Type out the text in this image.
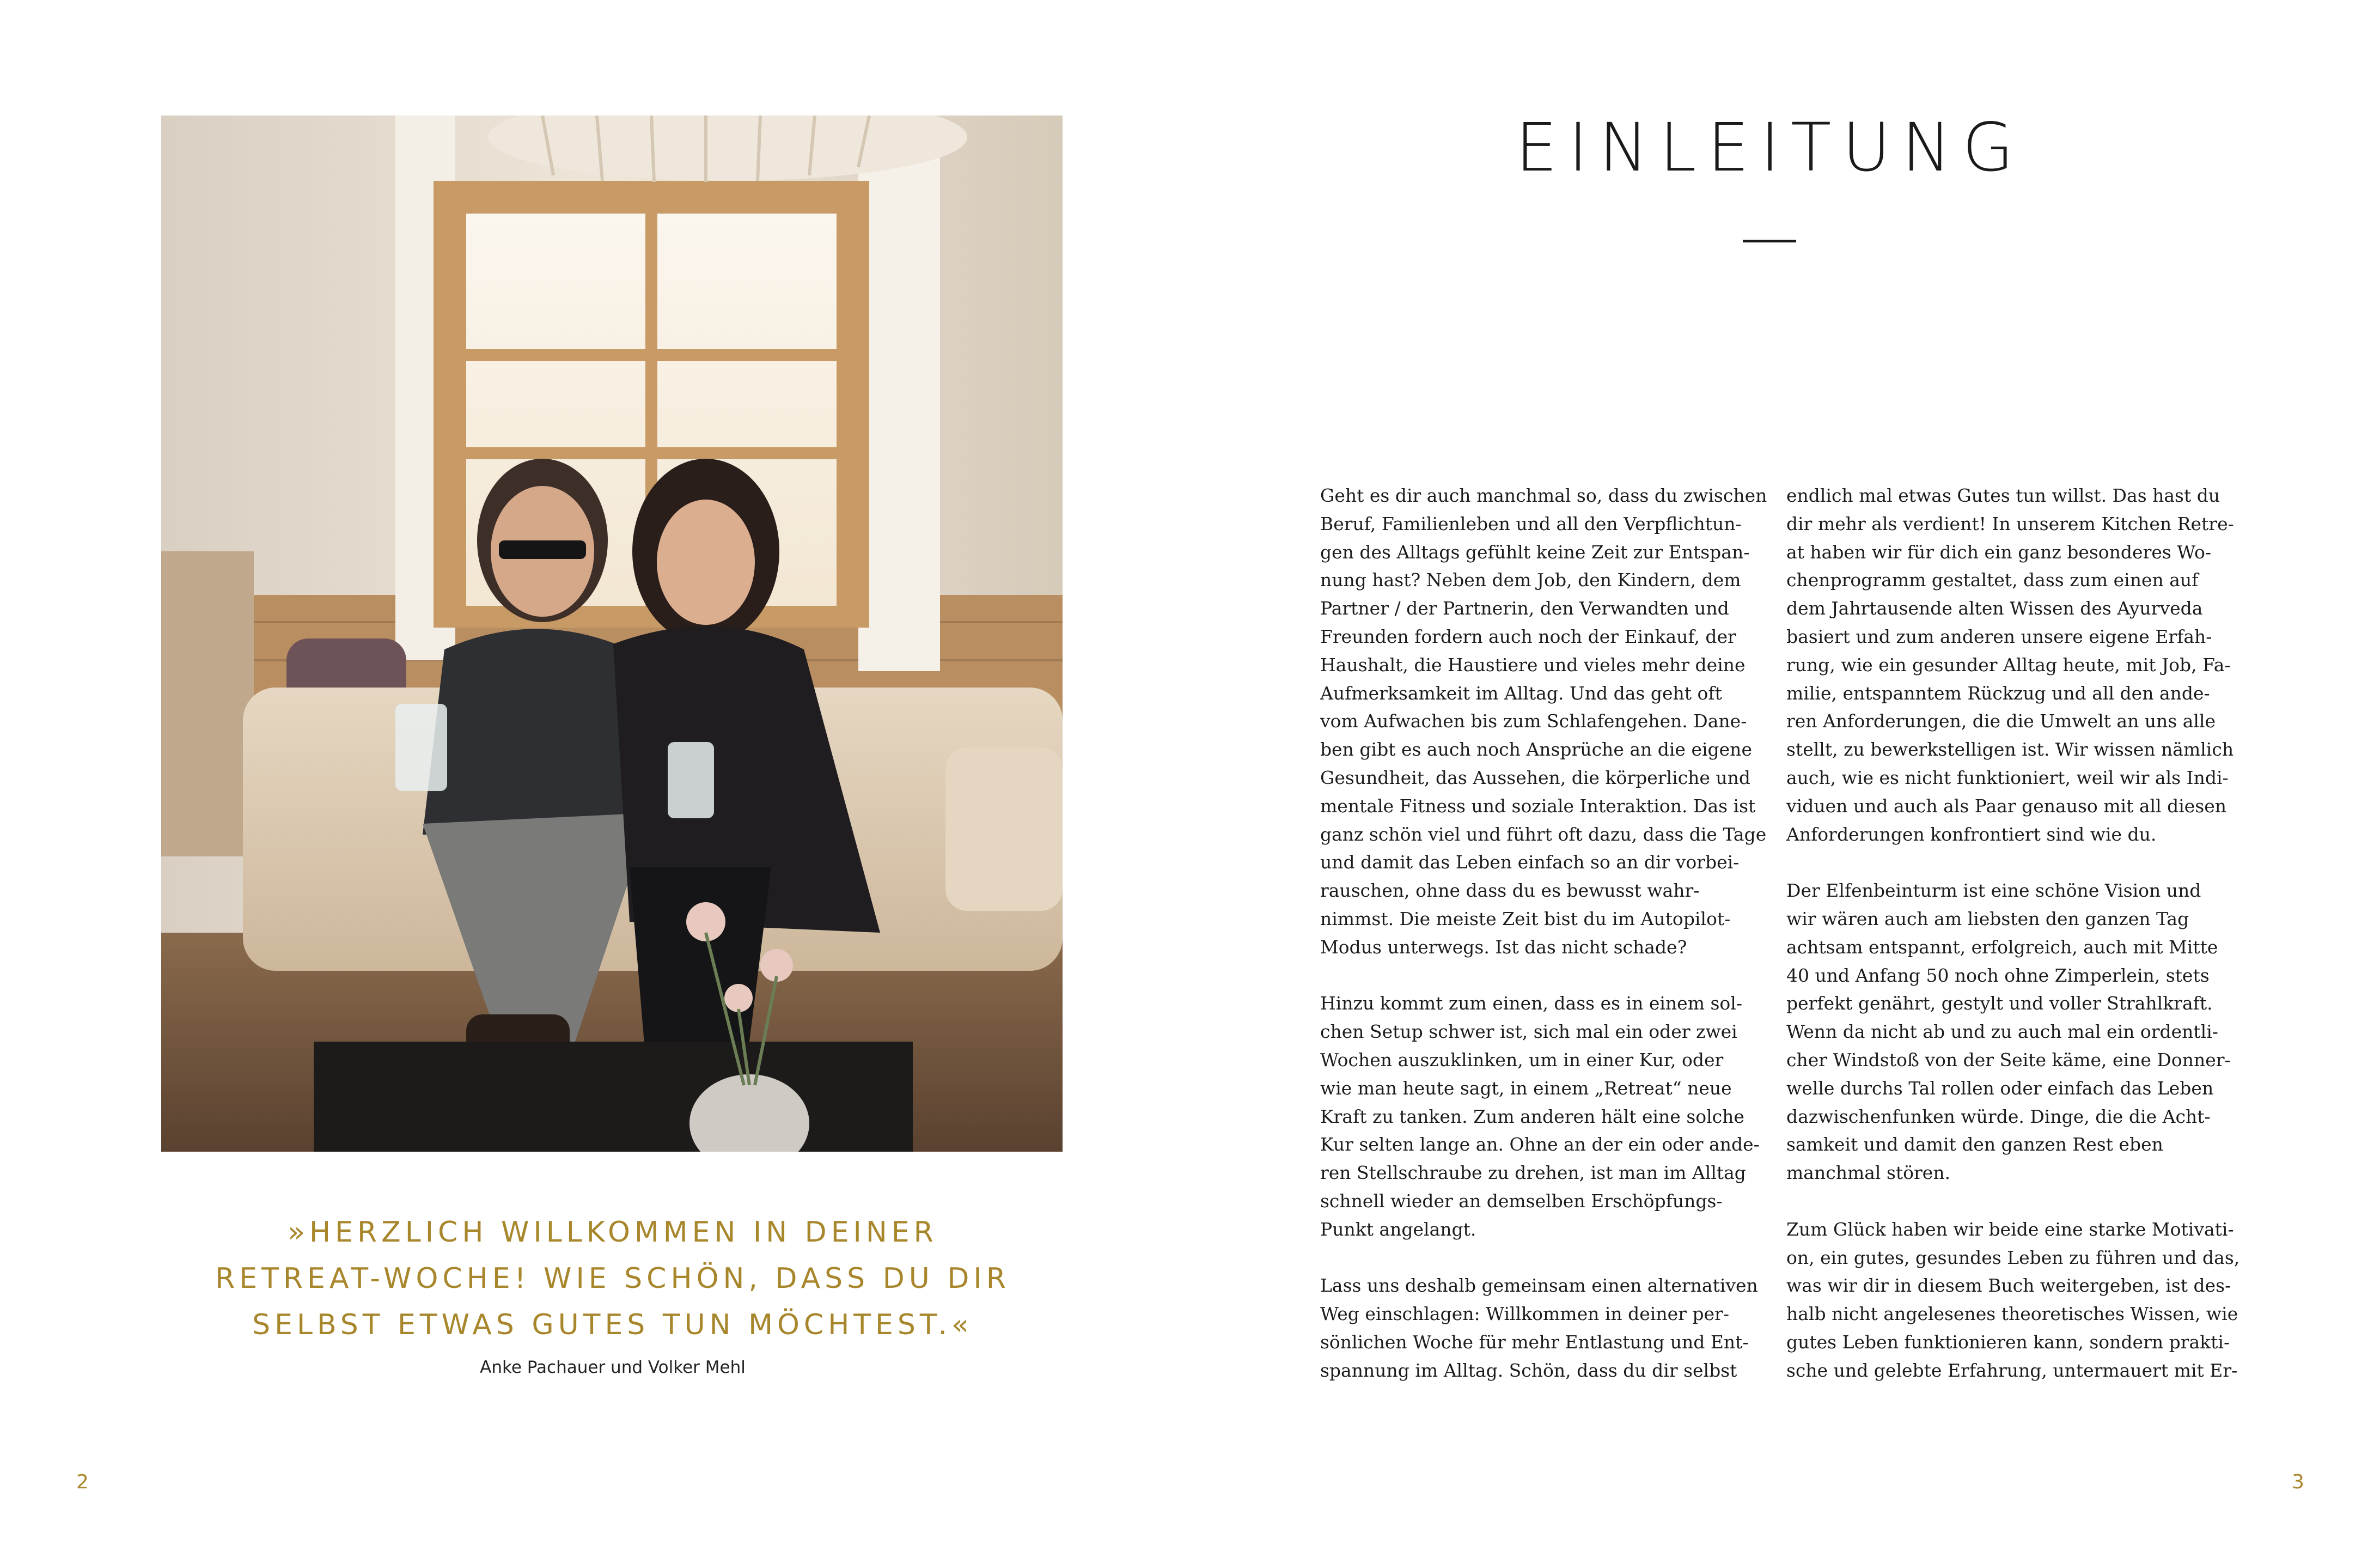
»HERZLICH WILLKOMMEN IN DEINER
RETREAT-WOCHE! WIE SCHÖN, DASS DU DIR
SELBST ETWAS GUTES TUN MÖCHTEST.«
Anke Pachauer und Volker Mehl
2
EINLEITUNG

Geht es dir auch manchmal so, dass du zwischen
Beruf, Familienleben und all den Verpflichtun-
gen des Alltags gefühlt keine Zeit zur Entspan-
nung hast? Neben dem Job, den Kindern, dem
Partner / der Partnerin, den Verwandten und
Freunden fordern auch noch der Einkauf, der
Haushalt, die Haustiere und vieles mehr deine
Aufmerksamkeit im Alltag. Und das geht oft
vom Aufwachen bis zum Schlafengehen. Dane-
ben gibt es auch noch Ansprüche an die eigene
Gesundheit, das Aussehen, die körperliche und
mentale Fitness und soziale Interaktion. Das ist
ganz schön viel und führt oft dazu, dass die Tage
und damit das Leben einfach so an dir vorbei-
rauschen, ohne dass du es bewusst wahr-
nimmst. Die meiste Zeit bist du im Autopilot-
Modus unterwegs. Ist das nicht schade?

Hinzu kommt zum einen, dass es in einem sol-
chen Setup schwer ist, sich mal ein oder zwei
Wochen auszuklinken, um in einer Kur, oder
wie man heute sagt, in einem „Retreat“ neue
Kraft zu tanken. Zum anderen hält eine solche
Kur selten lange an. Ohne an der ein oder ande-
ren Stellschraube zu drehen, ist man im Alltag
schnell wieder an demselben Erschöpfungs-
Punkt angelangt.

Lass uns deshalb gemeinsam einen alternativen
Weg einschlagen: Willkommen in deiner per-
sönlichen Woche für mehr Entlastung und Ent-
spannung im Alltag. Schön, dass du dir selbst

endlich mal etwas Gutes tun willst. Das hast du
dir mehr als verdient! In unserem Kitchen Retre-
at haben wir für dich ein ganz besonderes Wo-
chenprogramm gestaltet, dass zum einen auf
dem Jahrtausende alten Wissen des Ayurveda
basiert und zum anderen unsere eigene Erfah-
rung, wie ein gesunder Alltag heute, mit Job, Fa-
milie, entspanntem Rückzug und all den ande-
ren Anforderungen, die die Umwelt an uns alle
stellt, zu bewerkstelligen ist. Wir wissen nämlich
auch, wie es nicht funktioniert, weil wir als Indi-
viduen und auch als Paar genauso mit all diesen
Anforderungen konfrontiert sind wie du.

Der Elfenbeinturm ist eine schöne Vision und
wir wären auch am liebsten den ganzen Tag
achtsam entspannt, erfolgreich, auch mit Mitte
40 und Anfang 50 noch ohne Zimperlein, stets
perfekt genährt, gestylt und voller Strahlkraft.
Wenn da nicht ab und zu auch mal ein ordentli-
cher Windstoß von der Seite käme, eine Donner-
welle durchs Tal rollen oder einfach das Leben
dazwischenfunken würde. Dinge, die die Acht-
samkeit und damit den ganzen Rest eben
manchmal stören.

Zum Glück haben wir beide eine starke Motivati-
on, ein gutes, gesundes Leben zu führen und das,
was wir dir in diesem Buch weitergeben, ist des-
halb nicht angelesenes theoretisches Wissen, wie
gutes Leben funktionieren kann, sondern prakti-
sche und gelebte Erfahrung, untermauert mit Er-

3
